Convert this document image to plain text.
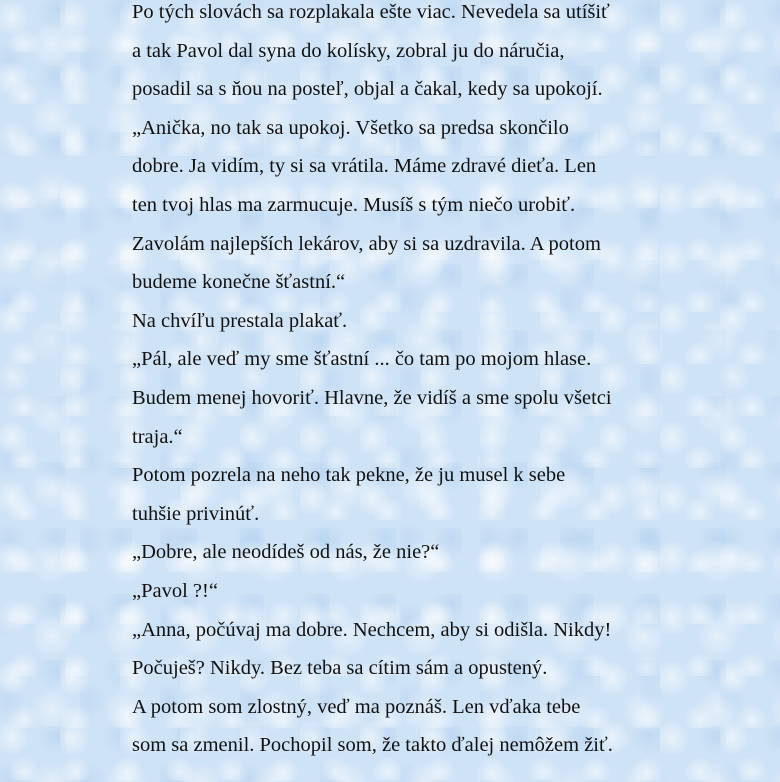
Po tých slovách sa rozplakala ešte viac. Nevedela sa utíšiť

a tak Pavol dal syna do kolísky, zobral ju do náručia,

posadil sa s ňou na posteľ, objal a čakal, kedy sa upokojí.

„Anička, no tak sa upokoj. Všetko sa predsa skončilo

dobre. Ja vidím, ty si sa vrátila. Máme zdravé dieťa. Len

ten tvoj hlas ma zarmucuje. Musíš s tým niečo urobiť.

Zavolám najlepších lekárov, aby si sa uzdravila. A potom

budeme konečne šťastní.“

Na chvíľu prestala plakať.

„Pál, ale veď my sme šťastní ... čo tam po mojom hlase.

Budem menej hovoriť. Hlavne, že vidíš a sme spolu všetci

traja.“

Potom pozrela na neho tak pekne, že ju musel k sebe

tuhšie privinúť.

„Dobre, ale neodídeš od nás, že nie?“

„Pavol ?!“

„Anna, počúvaj ma dobre. Nechcem, aby si odišla. Nikdy!

Počuješ? Nikdy. Bez teba sa cítim sám a opustený.

A potom som zlostný, veď ma poznáš. Len vďaka tebe

som sa zmenil. Pochopil som, že takto ďalej nemôžem žiť.
